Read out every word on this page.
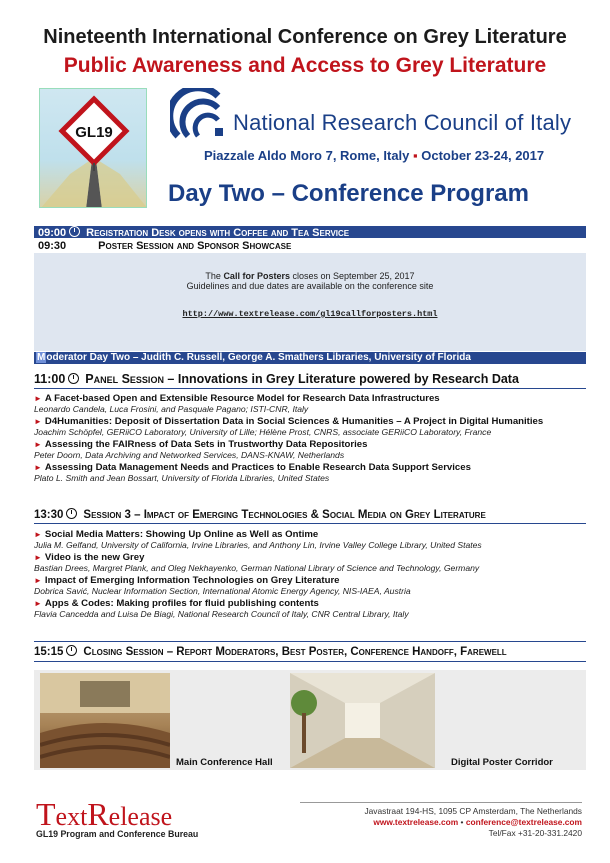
Nineteenth International Conference on Grey Literature
Public Awareness and Access to Grey Literature
GL19	National Research Council of Italy
Piazzale Aldo Moro 7, Rome, Italy ▪ October 23-24, 2017
Day Two – Conference Program
09:00 Registration Desk opens with Coffee and Tea Service
09:30	Poster Session and Sponsor Showcase
The Call for Posters closes on September 25, 2017
Guidelines and due dates are available on the conference site
http://www.textrelease.com/gl19callforposters.html
Moderator Day Two – Judith C. Russell, George A. Smathers Libraries, University of Florida
11:00 Panel Session – Innovations in Grey Literature powered by Research Data
► A Facet-based Open and Extensible Resource Model for Research Data Infrastructures
Leonardo Candela, Luca Frosini, and Pasquale Pagano; ISTI-CNR, Italy
► D4Humanities: Deposit of Dissertation Data in Social Sciences & Humanities – A Project in Digital Humanities
Joachim Schöpfel, GERiiCO Laboratory, University of Lille; Hélène Prost, CNRS, associate GERiiCO Laboratory, France
► Assessing the FAIRness of Data Sets in Trustworthy Data Repositories
Peter Doorn, Data Archiving and Networked Services, DANS-KNAW, Netherlands
► Assessing Data Management Needs and Practices to Enable Research Data Support Services
Plato L. Smith and Jean Bossart, University of Florida Libraries, United States
13:30 Session 3 – Impact of Emerging Technologies & Social Media on Grey Literature
► Social Media Matters: Showing Up Online as Well as Ontime
Julia M. Gelfand, University of California, Irvine Libraries, and Anthony Lin, Irvine Valley College Library, United States
► Video is the new Grey
Bastian Drees, Margret Plank, and Oleg Nekhayenko, German National Library of Science and Technology, Germany
► Impact of Emerging Information Technologies on Grey Literature
Dobrica Savić, Nuclear Information Section, International Atomic Energy Agency, NIS-IAEA, Austria
► Apps & Codes: Making profiles for fluid publishing contents
Flavia Cancedda and Luisa De Biagi, National Research Council of Italy, CNR Central Library, Italy
15:15 Closing Session – Report Moderators, Best Poster, Conference Handoff, Farewell
Main Conference Hall	Digital Poster Corridor
TextRelease
GL19 Program and Conference Bureau
Javastraat 194-HS, 1095 CP Amsterdam, The Netherlands
www.textrelease.com • conference@textrelease.com
Tel/Fax +31-20-331.2420
